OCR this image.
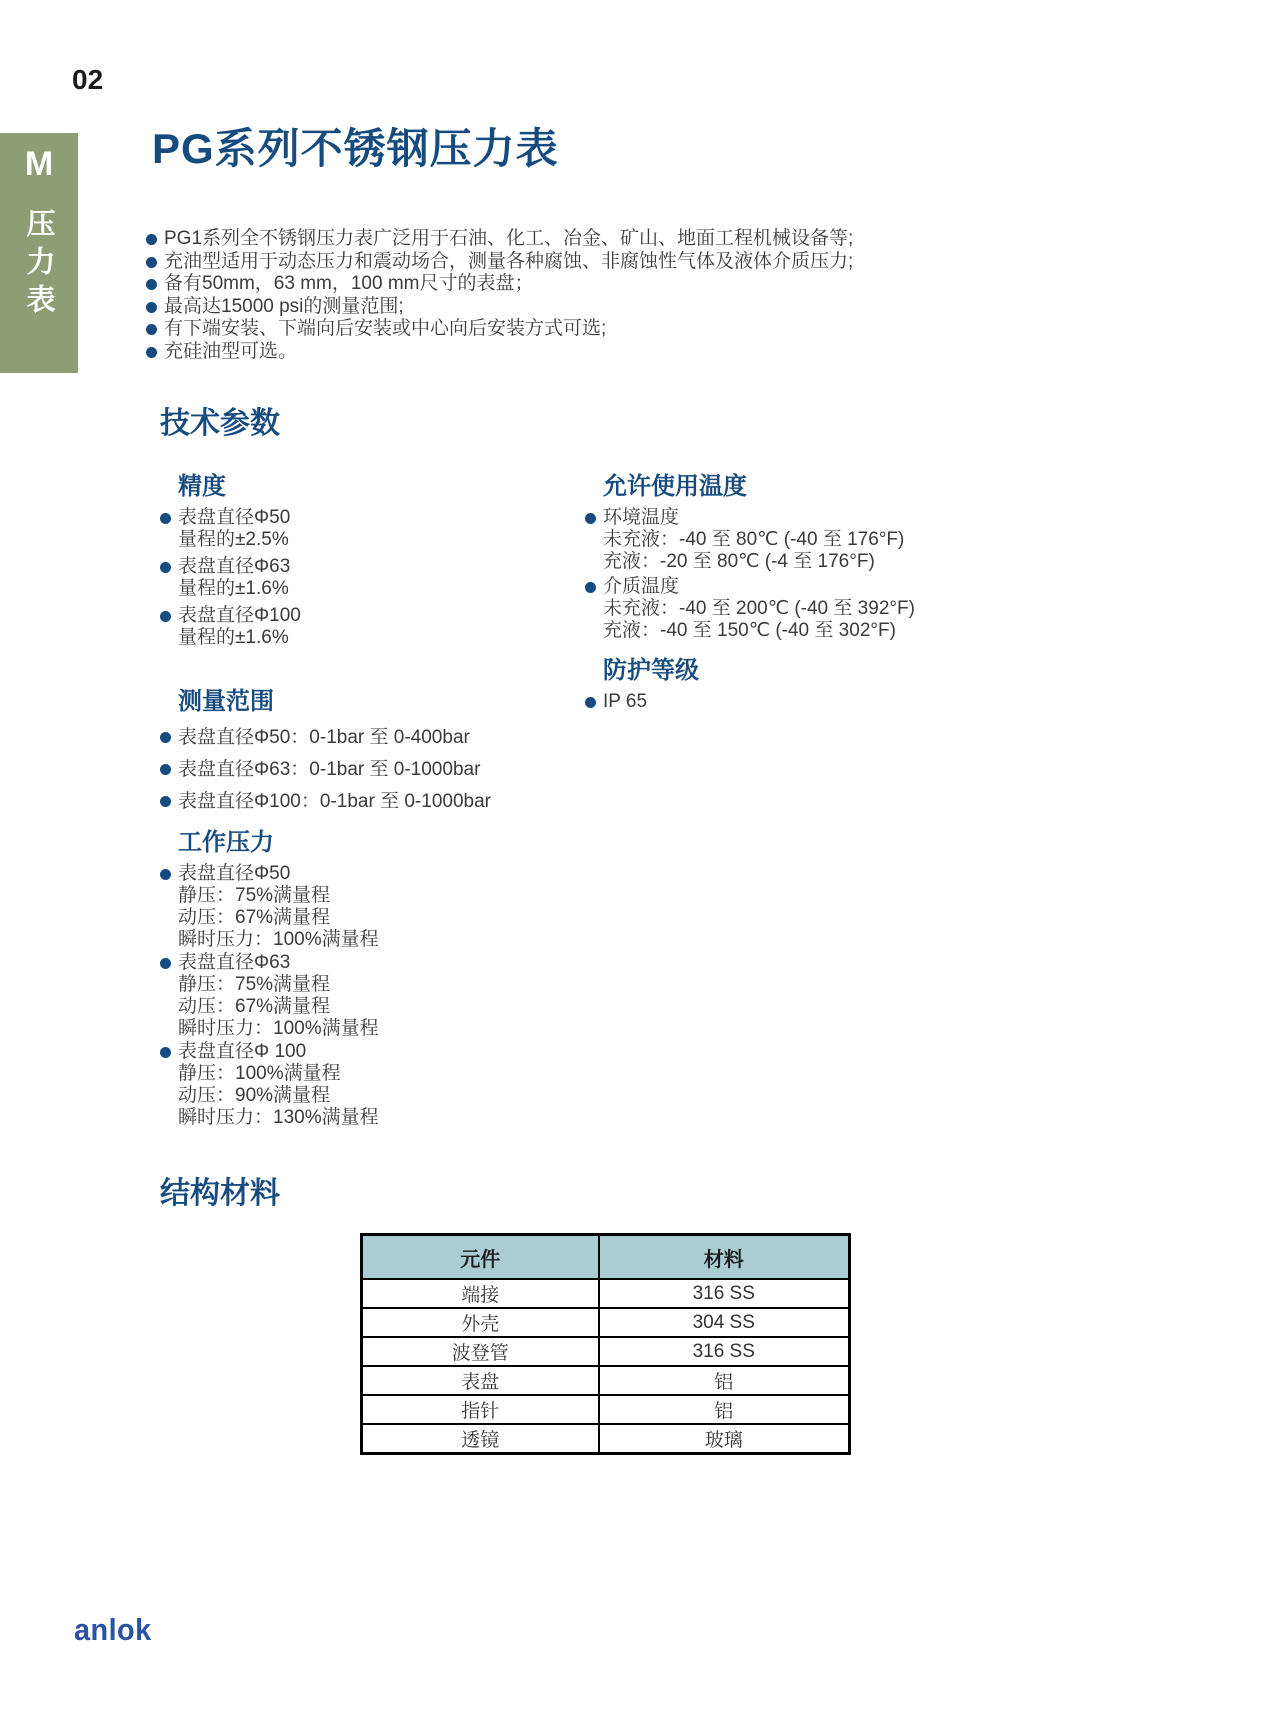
02
M
压力表
PG系列不锈钢压力表
PG1系列全不锈钢压力表广泛用于石油、化工、冶金、矿山、地面工程机械设备等;
充油型适用于动态压力和震动场合，测量各种腐蚀、非腐蚀性气体及液体介质压力;
备有50mm，63 mm，100 mm尺寸的表盘；
最高达15000 psi的测量范围;
有下端安装、下端向后安装或中心向后安装方式可选;
充硅油型可选。
技术参数
精度
表盘直径Φ50
量程的±2.5%
表盘直径Φ63
量程的±1.6%
表盘直径Φ100
量程的±1.6%
测量范围
表盘直径Φ50：0-1bar 至 0-400bar
表盘直径Φ63：0-1bar 至 0-1000bar
表盘直径Φ100：0-1bar 至 0-1000bar
工作压力
表盘直径Φ50
静压：75%满量程
动压：67%满量程
瞬时压力：100%满量程
表盘直径Φ63
静压：75%满量程
动压：67%满量程
瞬时压力：100%满量程
表盘直径Φ 100
静压：100%满量程
动压：90%满量程
瞬时压力：130%满量程
允许使用温度
环境温度
未充液：-40 至 80℃ (-40 至 176°F)
充液：-20 至 80℃ (-4 至 176°F)
介质温度
未充液：-40 至 200℃ (-40 至 392°F)
充液：-40 至 150℃ (-40 至 302°F)
防护等级
IP 65
结构材料
元件	材料
端接	316 SS
外壳	304 SS
波登管	316 SS
表盘	铝
指针	铝
透镜	玻璃
anlok
